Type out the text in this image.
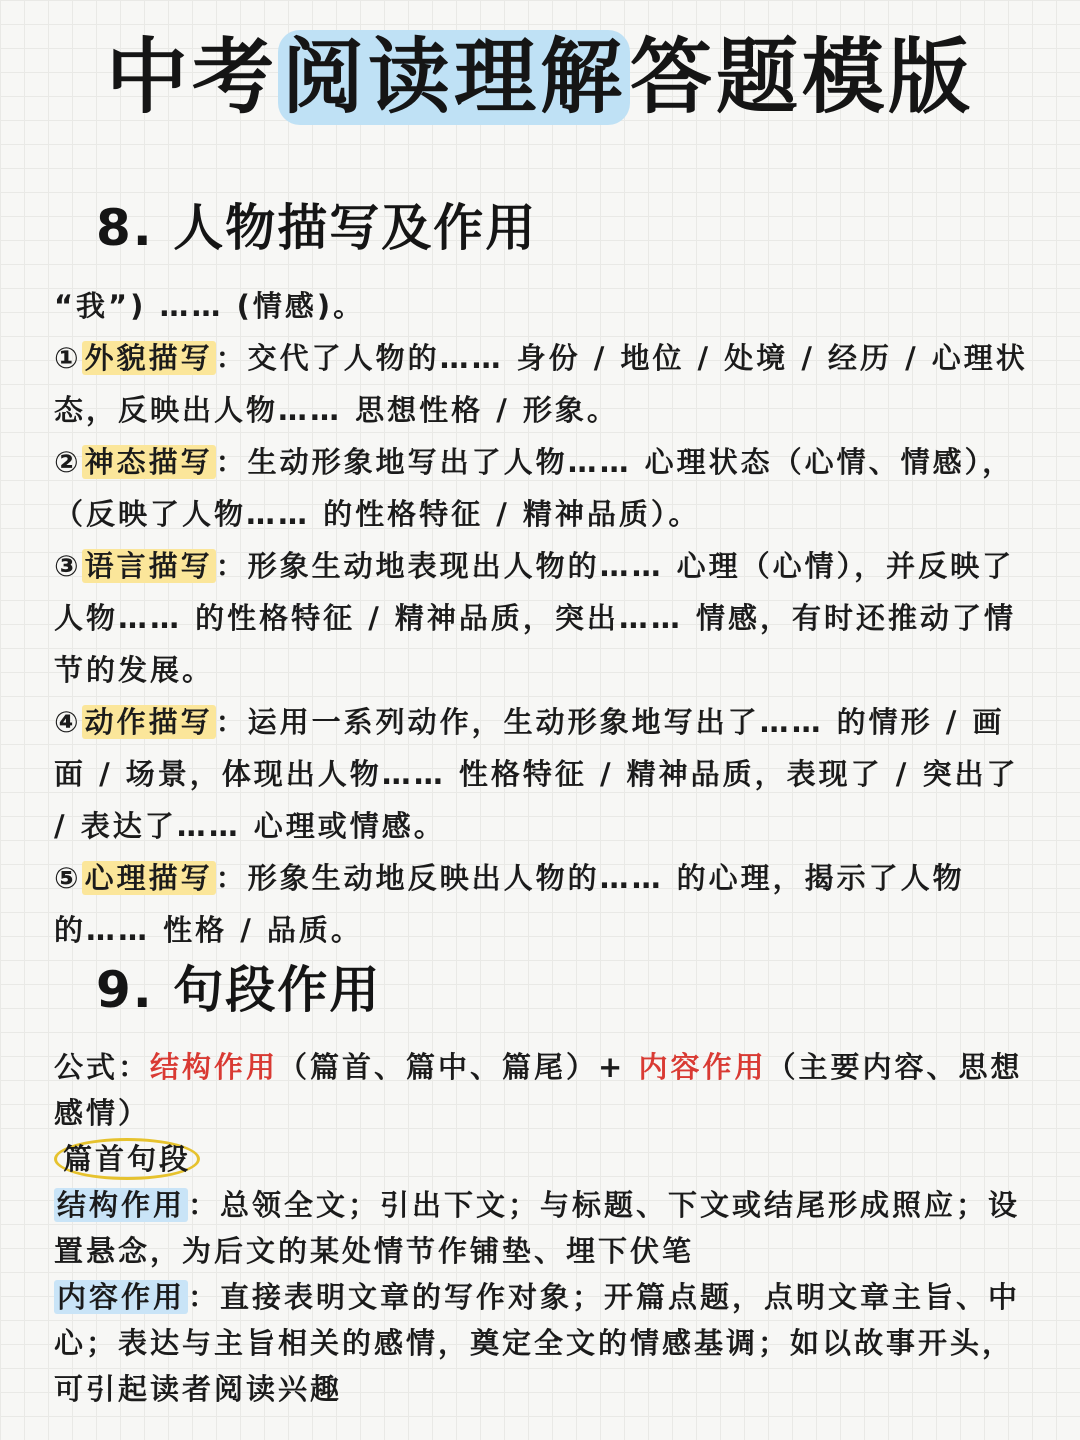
中考阅读理解答题模版
8. 人物描写及作用
“我”) …… (情感)。
① 外貌描写 ：交代了人物的…… 身份 / 地位 / 处境 / 经历 / 心理状态，反映出人物…… 思想性格 / 形象。
② 神态描写 ：生动形象地写出了人物…… 心理状态（心情、情感），（反映了人物…… 的性格特征 / 精神品质）。
③ 语言描写 ：形象生动地表现出人物的…… 心理（心情），并反映了人物…… 的性格特征 / 精神品质，突出…… 情感，有时还推动了情节的发展。
④ 动作描写 ：运用一系列动作，生动形象地写出了…… 的情形 / 画面 / 场景，体现出人物…… 性格特征 / 精神品质，表现了 / 突出了 / 表达了…… 心理或情感。
⑤ 心理描写 ：形象生动地反映出人物的…… 的心理，揭示了人物的…… 性格 / 品质。
9. 句段作用
公式：结构作用（篇首、篇中、篇尾）+ 内容作用（主要内容、思想感情）
篇首句段
结构作用 ：总领全文；引出下文；与标题、下文或结尾形成照应；设置悬念，为后文的某处情节作铺垫、埋下伏笔
内容作用 ：直接表明文章的写作对象；开篇点题，点明文章主旨、中心；表达与主旨相关的感情，奠定全文的情感基调；如以故事开头，可引起读者阅读兴趣
